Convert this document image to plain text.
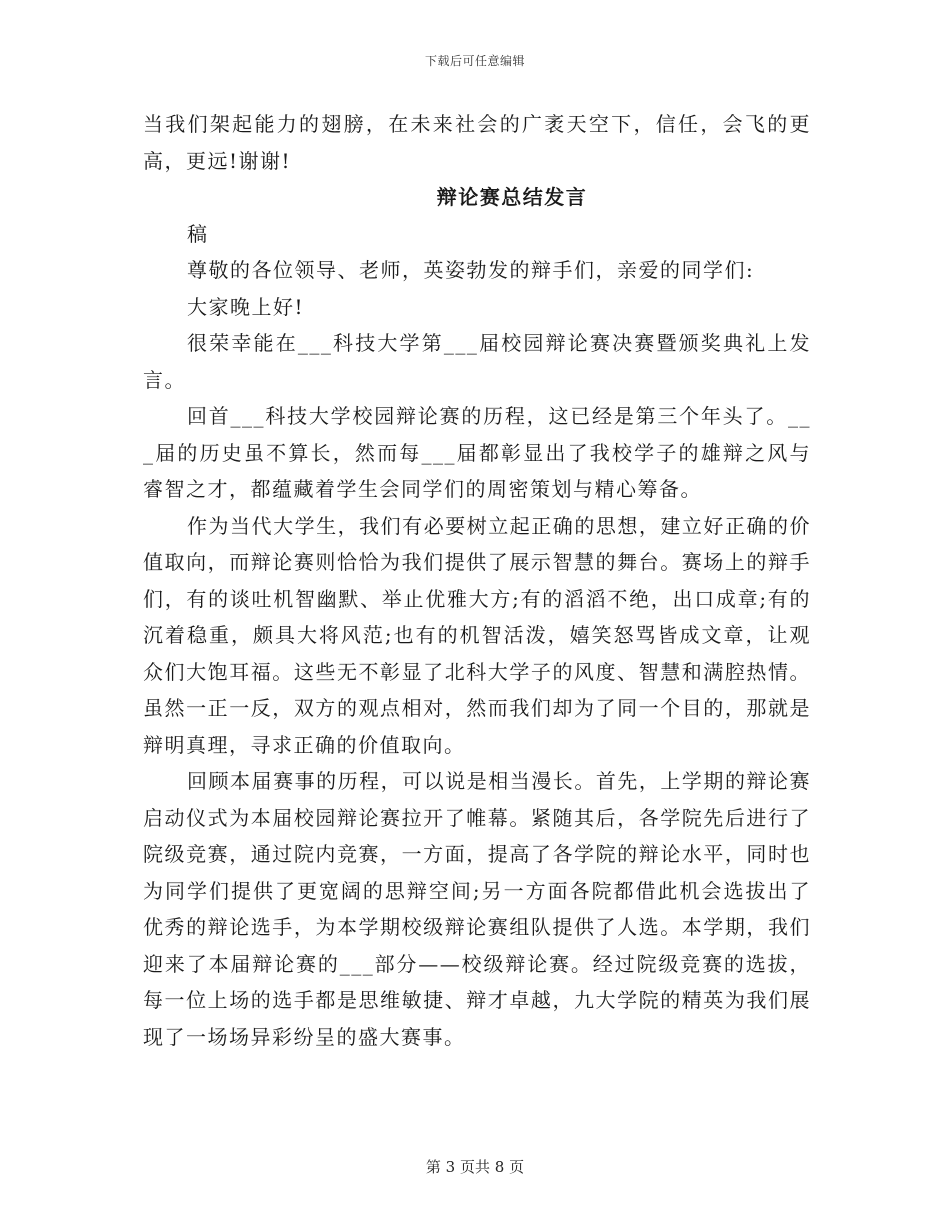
下载后可任意编辑

当我们架起能力的翅膀，在未来社会的广袤天空下，信任，会飞的更高，更远!谢谢!

辩论赛总结发言

稿

尊敬的各位领导、老师，英姿勃发的辩手们，亲爱的同学们:

大家晚上好!

很荣幸能在___科技大学第___届校园辩论赛决赛暨颁奖典礼上发言。

回首___科技大学校园辩论赛的历程，这已经是第三个年头了。___届的历史虽不算长，然而每___届都彰显出了我校学子的雄辩之风与睿智之才，都蕴藏着学生会同学们的周密策划与精心筹备。

作为当代大学生，我们有必要树立起正确的思想，建立好正确的价值取向，而辩论赛则恰恰为我们提供了展示智慧的舞台。赛场上的辩手们，有的谈吐机智幽默、举止优雅大方;有的滔滔不绝，出口成章;有的沉着稳重，颇具大将风范;也有的机智活泼，嬉笑怒骂皆成文章，让观众们大饱耳福。这些无不彰显了北科大学子的风度、智慧和满腔热情。虽然一正一反，双方的观点相对，然而我们却为了同一个目的，那就是辩明真理，寻求正确的价值取向。

回顾本届赛事的历程，可以说是相当漫长。首先，上学期的辩论赛启动仪式为本届校园辩论赛拉开了帷幕。紧随其后，各学院先后进行了院级竞赛，通过院内竞赛，一方面，提高了各学院的辩论水平，同时也为同学们提供了更宽阔的思辩空间;另一方面各院都借此机会选拔出了优秀的辩论选手，为本学期校级辩论赛组队提供了人选。本学期，我们迎来了本届辩论赛的___部分——校级辩论赛。经过院级竞赛的选拔，每一位上场的选手都是思维敏捷、辩才卓越，九大学院的精英为我们展现了一场场异彩纷呈的盛大赛事。

第 3 页共 8 页
